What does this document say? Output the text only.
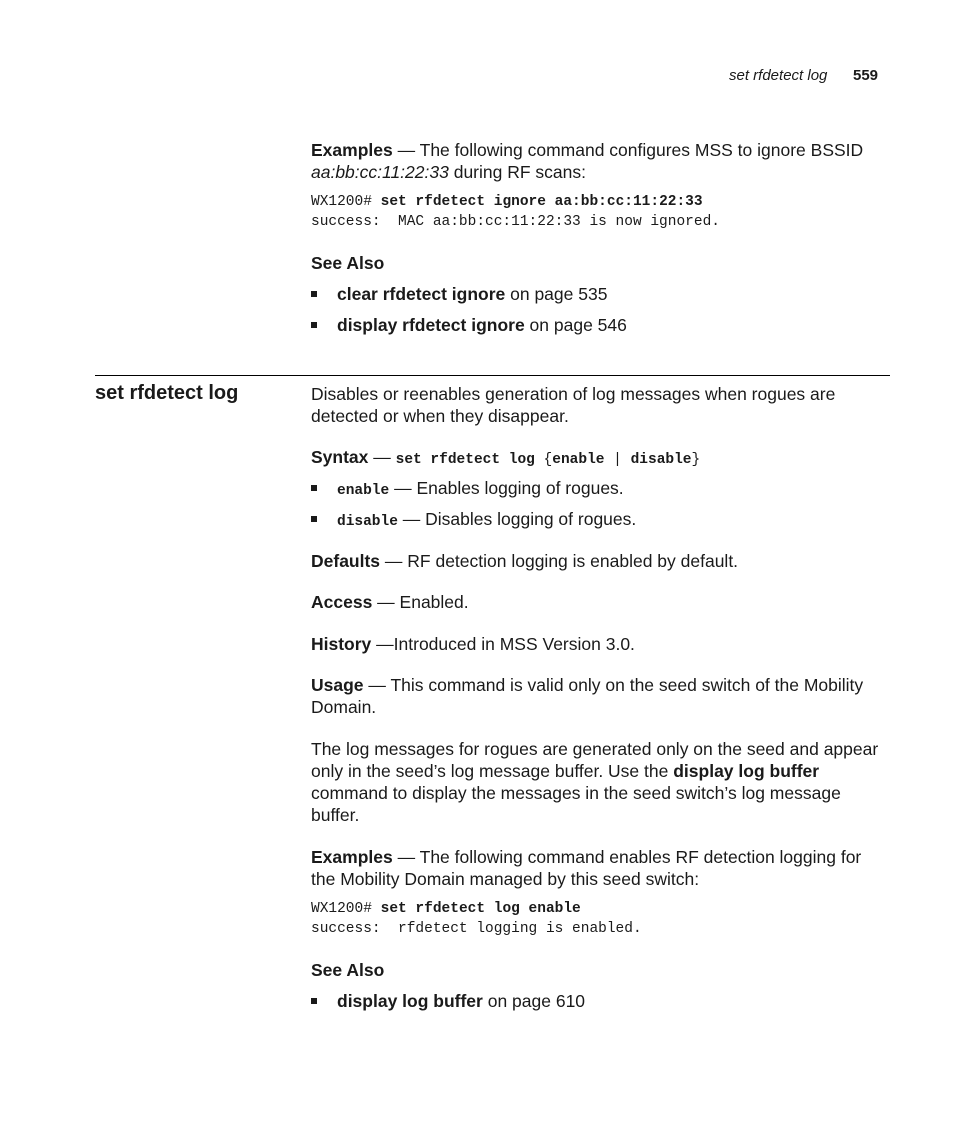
set rfdetect log 559
Examples — The following command configures MSS to ignore BSSID
aa:bb:cc:11:22:33 during RF scans:
WX1200# set rfdetect ignore aa:bb:cc:11:22:33
success:  MAC aa:bb:cc:11:22:33 is now ignored.
See Also
clear rfdetect ignore on page 535
display rfdetect ignore on page 546
set rfdetect log	Disables or reenables generation of log messages when rogues are
detected or when they disappear.
Syntax — set rfdetect log {enable | disable}
enable — Enables logging of rogues.
disable — Disables logging of rogues.
Defaults — RF detection logging is enabled by default.
Access — Enabled.
History —Introduced in MSS Version 3.0.
Usage — This command is valid only on the seed switch of the Mobility
Domain.
The log messages for rogues are generated only on the seed and appear
only in the seed’s log message buffer. Use the display log buffer
command to display the messages in the seed switch’s log message
buffer.
Examples — The following command enables RF detection logging for
the Mobility Domain managed by this seed switch:
WX1200# set rfdetect log enable
success:  rfdetect logging is enabled.
See Also
display log buffer on page 610
